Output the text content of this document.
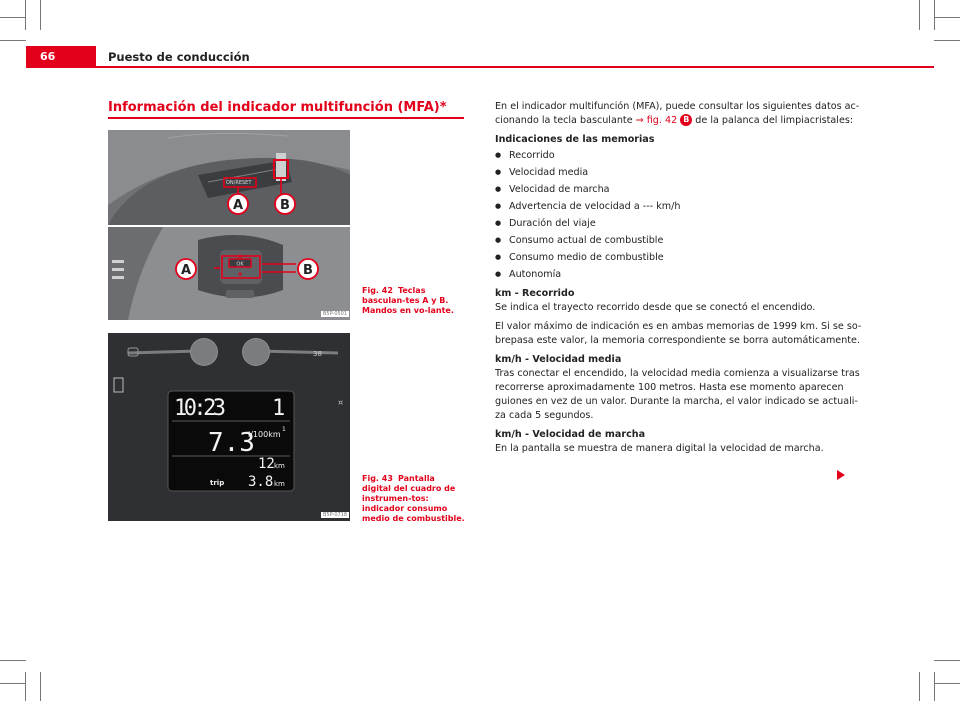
66	Puesto de conducción
Información del indicador multifunción (MFA)*
ON/RESET
A	B
OK
▲
▼
A	B
B5P-0501
Fig. 42 Teclas basculan-tes A y B. Mandos en vo-lante.
38
¤
10:23 1
7.3
l/100km
1
12 km
trip 3.8 km
B5P-0718
Fig. 43 Pantalla digital del cuadro de instrumen-tos: indicador consumo medio de combustible.

En el indicador multifunción (MFA), puede consultar los siguientes datos ac-cionando la tecla basculante ⇒ fig. 42 B de la palanca del limpiacristales:

Indicaciones de las memorias

● Recorrido
● Velocidad media
● Velocidad de marcha
● Advertencia de velocidad a --- km/h
● Duración del viaje
● Consumo actual de combustible
● Consumo medio de combustible
● Autonomía

km - Recorrido

Se indica el trayecto recorrido desde que se conectó el encendido.

El valor máximo de indicación es en ambas memorias de 1999 km. Si se so-brepasa este valor, la memoria correspondiente se borra automáticamente.

km/h - Velocidad media

Tras conectar el encendido, la velocidad media comienza a visualizarse tras recorrerse aproximadamente 100 metros. Hasta ese momento aparecen guiones en vez de un valor. Durante la marcha, el valor indicado se actuali-za cada 5 segundos.

km/h - Velocidad de marcha

En la pantalla se muestra de manera digital la velocidad de marcha.
